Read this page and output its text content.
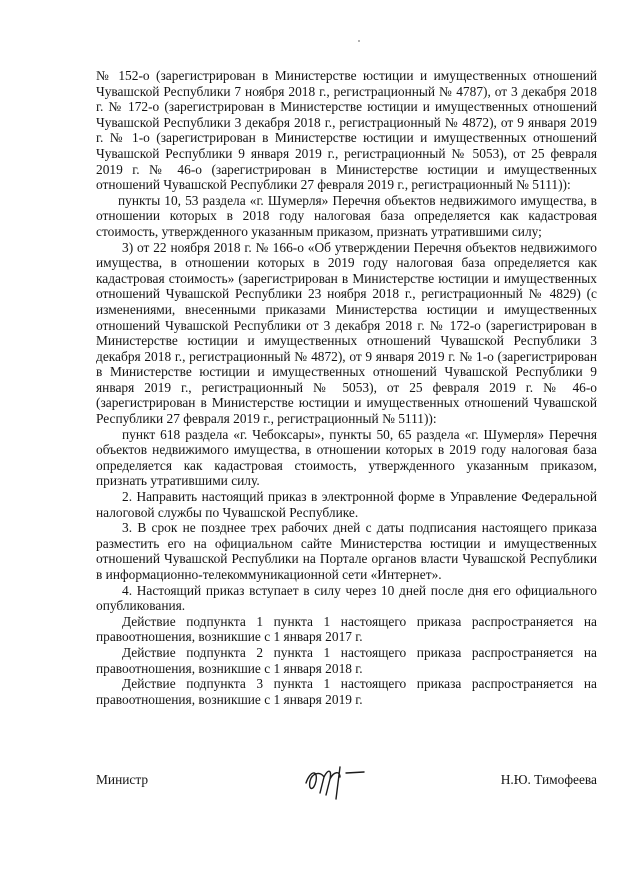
№ 152-о (зарегистрирован в Министерстве юстиции и имущественных отношений Чувашской Республики 7 ноября 2018 г., регистрационный № 4787), от 3 декабря 2018 г. № 172-о (зарегистрирован в Министерстве юстиции и имущественных отношений Чувашской Республики 3 декабря 2018 г., регистрационный № 4872), от 9 января 2019 г. № 1-о (зарегистрирован в Министерстве юстиции и имущественных отношений Чувашской Республики 9 января 2019 г., регистрационный № 5053), от 25 февраля 2019 г. № 46-о (зарегистрирован в Министерстве юстиции и имущественных отношений Чувашской Республики 27 февраля 2019 г., регистрационный № 5111)):

пункты 10, 53 раздела «г. Шумерля» Перечня объектов недвижимого имущества, в отношении которых в 2018 году налоговая база определяется как кадастровая стоимость, утвержденного указанным приказом, признать утратившими силу;

3) от 22 ноября 2018 г. № 166-о «Об утверждении Перечня объектов недвижимого имущества, в отношении которых в 2019 году налоговая база определяется как кадастровая стоимость» (зарегистрирован в Министерстве юстиции и имущественных отношений Чувашской Республики 23 ноября 2018 г., регистрационный № 4829) (с изменениями, внесенными приказами Министерства юстиции и имущественных отношений Чувашской Республики от 3 декабря 2018 г. № 172-о (зарегистрирован в Министерстве юстиции и имущественных отношений Чувашской Республики 3 декабря 2018 г., регистрационный № 4872), от 9 января 2019 г. № 1-о (зарегистрирован в Министерстве юстиции и имущественных отношений Чувашской Республики 9 января 2019 г., регистрационный № 5053), от 25 февраля 2019 г. № 46-о (зарегистрирован в Министерстве юстиции и имущественных отношений Чувашской Республики 27 февраля 2019 г., регистрационный № 5111)):

пункт 618 раздела «г. Чебоксары», пункты 50, 65 раздела «г. Шумерля» Перечня объектов недвижимого имущества, в отношении которых в 2019 году налоговая база определяется как кадастровая стоимость, утвержденного указанным приказом, признать утратившими силу.

2. Направить настоящий приказ в электронной форме в Управление Федеральной налоговой службы по Чувашской Республике.

3. В срок не позднее трех рабочих дней с даты подписания настоящего приказа разместить его на официальном сайте Министерства юстиции и имущественных отношений Чувашской Республики на Портале органов власти Чувашской Республики в информационно-телекоммуникационной сети «Интернет».

4. Настоящий приказ вступает в силу через 10 дней после дня его официального опубликования.

Действие подпункта 1 пункта 1 настоящего приказа распространяется на правоотношения, возникшие с 1 января 2017 г.

Действие подпункта 2 пункта 1 настоящего приказа распространяется на правоотношения, возникшие с 1 января 2018 г.

Действие подпункта 3 пункта 1 настоящего приказа распространяется на правоотношения, возникшие с 1 января 2019 г.

Министр	Н.Ю. Тимофеева
